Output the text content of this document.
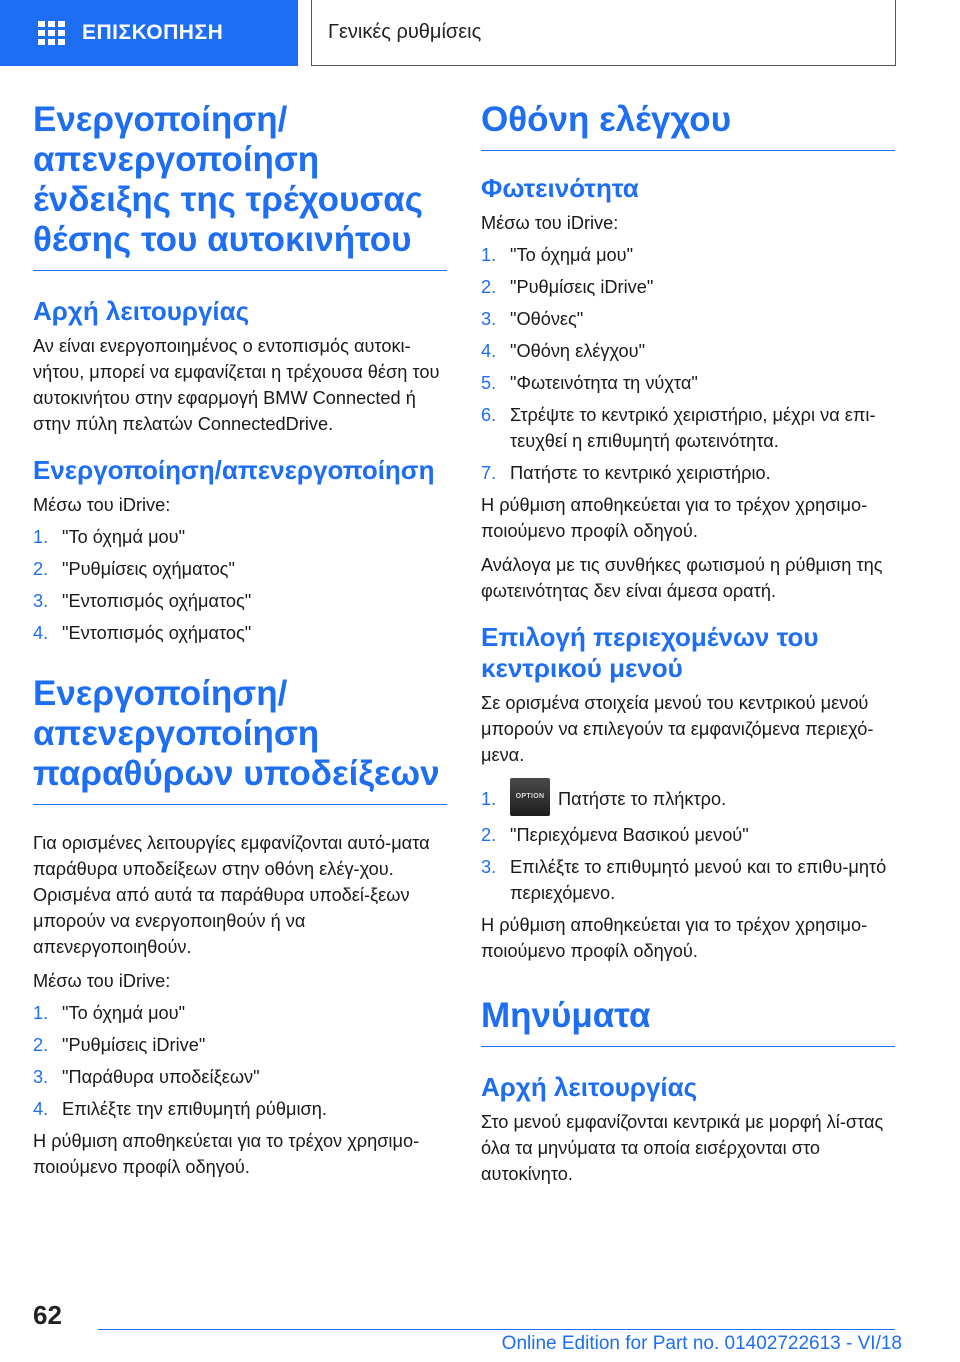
ΕΠΙΣΚΟΠΗΣΗ	Γενικές ρυθμίσεις
Ενεργοποίηση/ απενεργοποίηση ένδειξης της τρέχουσας θέσης του αυτοκινήτου
Αρχή λειτουργίας
Αν είναι ενεργοποιημένος ο εντοπισμός αυτοκι-νήτου, μπορεί να εμφανίζεται η τρέχουσα θέση του αυτοκινήτου στην εφαρμογή BMW Connected ή στην πύλη πελατών ConnectedDrive.
Ενεργοποίηση/απενεργοποίηση
Μέσω του iDrive:
1. "Το όχημά μου"
2. "Ρυθμίσεις οχήματος"
3. "Εντοπισμός οχήματος"
4. "Εντοπισμός οχήματος"
Ενεργοποίηση/ απενεργοποίηση παραθύρων υποδείξεων
Για ορισμένες λειτουργίες εμφανίζονται αυτό-ματα παράθυρα υποδείξεων στην οθόνη ελέγ-χου. Ορισμένα από αυτά τα παράθυρα υποδεί-ξεων μπορούν να ενεργοποιηθούν ή να απενεργοποιηθούν.
Μέσω του iDrive:
1. "Το όχημά μου"
2. "Ρυθμίσεις iDrive"
3. "Παράθυρα υποδείξεων"
4. Επιλέξτε την επιθυμητή ρύθμιση.
Η ρύθμιση αποθηκεύεται για το τρέχον χρησιμο-ποιούμενο προφίλ οδηγού.
Οθόνη ελέγχου
Φωτεινότητα
Μέσω του iDrive:
1. "Το όχημά μου"
2. "Ρυθμίσεις iDrive"
3. "Οθόνες"
4. "Οθόνη ελέγχου"
5. "Φωτεινότητα τη νύχτα"
6. Στρέψτε το κεντρικό χειριστήριο, μέχρι να επι-τευχθεί η επιθυμητή φωτεινότητα.
7. Πατήστε το κεντρικό χειριστήριο.
Η ρύθμιση αποθηκεύεται για το τρέχον χρησιμο-ποιούμενο προφίλ οδηγού.
Ανάλογα με τις συνθήκες φωτισμού η ρύθμιση της φωτεινότητας δεν είναι άμεσα ορατή.
Επιλογή περιεχομένων του κεντρικού μενού
Σε ορισμένα στοιχεία μενού του κεντρικού μενού μπορούν να επιλεγούν τα εμφανιζόμενα περιεχό-μενα.
1.	OPTION Πατήστε το πλήκτρο.
2. "Περιεχόμενα Βασικού μενού"
3. Επιλέξτε το επιθυμητό μενού και το επιθυ-μητό περιεχόμενο.
Η ρύθμιση αποθηκεύεται για το τρέχον χρησιμο-ποιούμενο προφίλ οδηγού.
Μηνύματα
Αρχή λειτουργίας
Στο μενού εμφανίζονται κεντρικά με μορφή λί-στας όλα τα μηνύματα τα οποία εισέρχονται στο αυτοκίνητο.
62
Online Edition for Part no. 01402722613 - VI/18
